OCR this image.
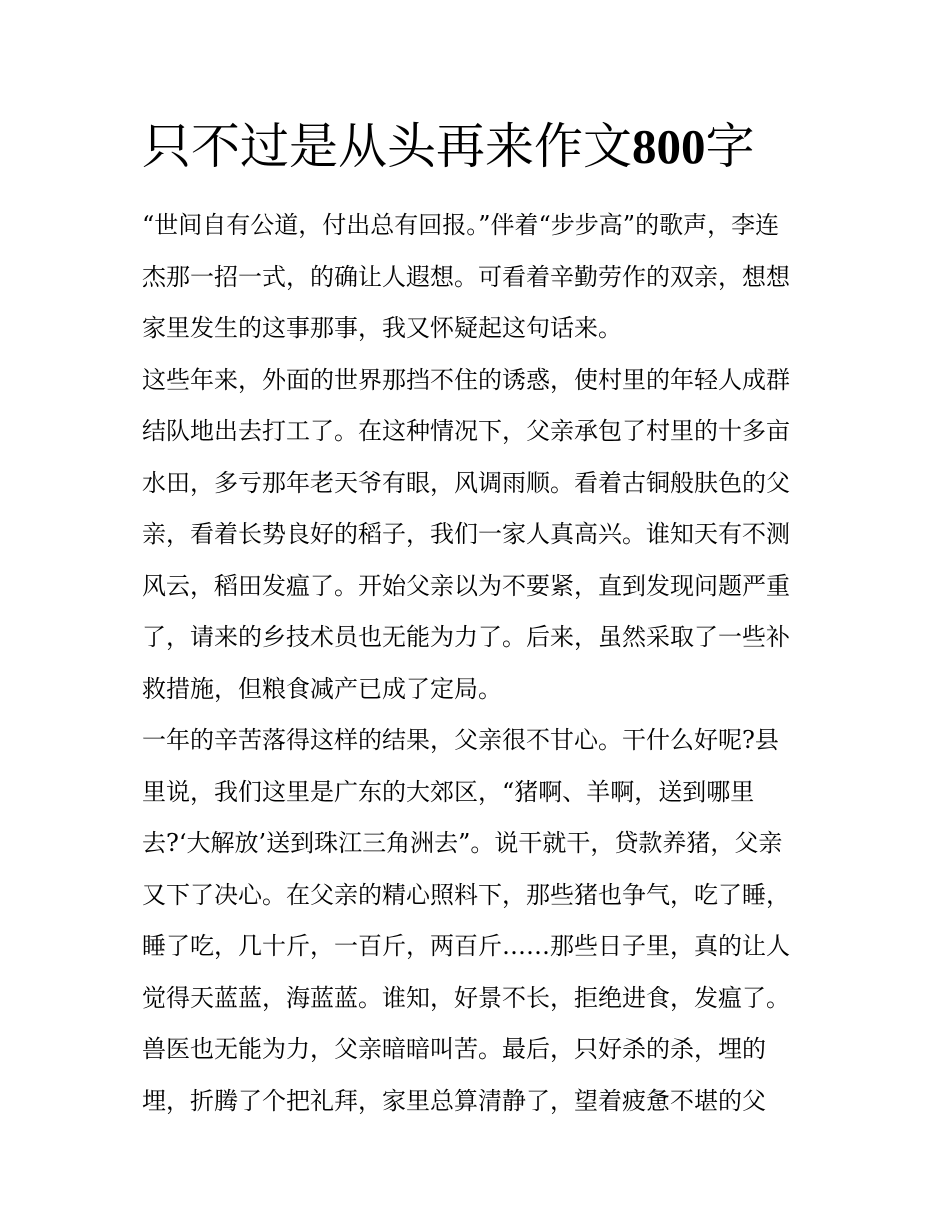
只不过是从头再来作文800字

“世间自有公道，付出总有回报。”伴着“步步高”的歌声，李连
杰那一招一式，的确让人遐想。可看着辛勤劳作的双亲，想想
家里发生的这事那事，我又怀疑起这句话来。

这些年来，外面的世界那挡不住的诱惑，使村里的年轻人成群
结队地出去打工了。在这种情况下，父亲承包了村里的十多亩
水田，多亏那年老天爷有眼，风调雨顺。看着古铜般肤色的父
亲，看着长势良好的稻子，我们一家人真高兴。谁知天有不测
风云，稻田发瘟了。开始父亲以为不要紧，直到发现问题严重
了，请来的乡技术员也无能为力了。后来，虽然采取了一些补
救措施，但粮食减产已成了定局。

一年的辛苦落得这样的结果，父亲很不甘心。干什么好呢?县
里说，我们这里是广东的大郊区，“猪啊、羊啊，送到哪里
去?‘大解放’送到珠江三角洲去”。说干就干，贷款养猪，父亲
又下了决心。在父亲的精心照料下，那些猪也争气，吃了睡，
睡了吃，几十斤，一百斤，两百斤……那些日子里，真的让人
觉得天蓝蓝，海蓝蓝。谁知，好景不长，拒绝进食，发瘟了。
兽医也无能为力，父亲暗暗叫苦。最后，只好杀的杀，埋的
埋，折腾了个把礼拜，家里总算清静了，望着疲惫不堪的父
